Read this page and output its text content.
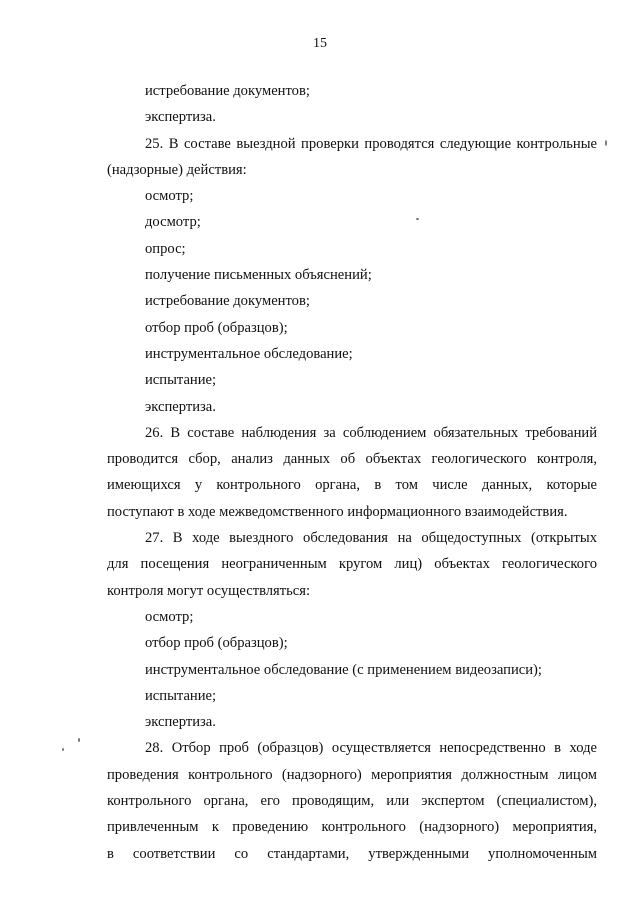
15
истребование документов;
экспертиза.
25. В составе выездной проверки проводятся следующие контрольные
(надзорные) действия:
осмотр;
досмотр;
опрос;
получение письменных объяснений;
истребование документов;
отбор проб (образцов);
инструментальное обследование;
испытание;
экспертиза.
26. В составе наблюдения за соблюдением обязательных требований
проводится сбор, анализ данных об объектах геологического контроля,
имеющихся у контрольного органа, в том числе данных, которые
поступают в ходе межведомственного информационного взаимодействия.
27. В ходе выездного обследования на общедоступных (открытых
для посещения неограниченным кругом лиц) объектах геологического
контроля могут осуществляться:
осмотр;
отбор проб (образцов);
инструментальное обследование (с применением видеозаписи);
испытание;
экспертиза.
28. Отбор проб (образцов) осуществляется непосредственно в ходе
проведения контрольного (надзорного) мероприятия должностным лицом
контрольного органа, его проводящим, или экспертом (специалистом),
привлеченным к проведению контрольного (надзорного) мероприятия,
в соответствии со стандартами, утвержденными уполномоченным
